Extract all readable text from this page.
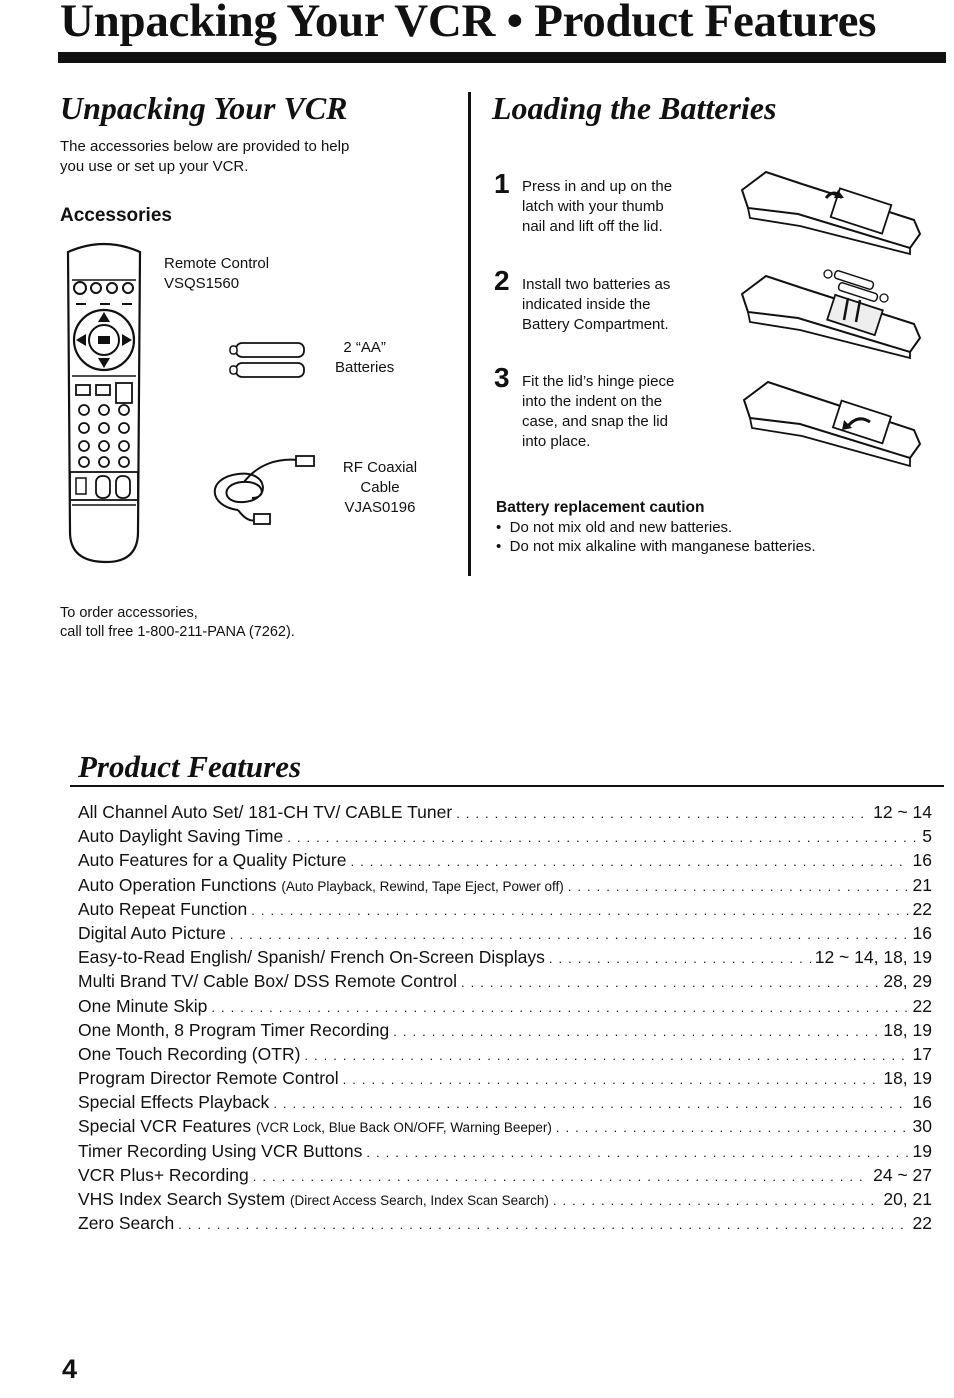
Unpacking Your VCR • Product Features
Unpacking Your VCR
The accessories below are provided to help
you use or set up your VCR.
Accessories
Remote Control
VSQS1560
2 “AA”
Batteries
RF Coaxial
Cable
VJAS0196
To order accessories,
call toll free 1-800-211-PANA (7262).
Loading the Batteries
1 Press in and up on the
latch with your thumb
nail and lift off the lid.
2 Install two batteries as
indicated inside the
Battery Compartment.
3 Fit the lid’s hinge piece
into the indent on the
case, and snap the lid
into place.
Battery replacement caution
• Do not mix old and new batteries.
• Do not mix alkaline with manganese batteries.
Product Features
All Channel Auto Set/ 181-CH TV/ CABLE Tuner . . .	12 ~ 14
Auto Daylight Saving Time . . .	5
Auto Features for a Quality Picture . . .	16
Auto Operation Functions (Auto Playback, Rewind, Tape Eject, Power off) . . .	21
Auto Repeat Function . . .	22
Digital Auto Picture . . .	16
Easy-to-Read English/ Spanish/ French On-Screen Displays . . .	12 ~ 14, 18, 19
Multi Brand TV/ Cable Box/ DSS Remote Control . . .	28, 29
One Minute Skip . . .	22
One Month, 8 Program Timer Recording . . .	18, 19
One Touch Recording (OTR) . . .	17
Program Director Remote Control . . .	18, 19
Special Effects Playback . . .	16
Special VCR Features (VCR Lock, Blue Back ON/OFF, Warning Beeper) . . .	30
Timer Recording Using VCR Buttons . . .	19
VCR Plus+ Recording . . .	24 ~ 27
VHS Index Search System (Direct Access Search, Index Scan Search) . . .	20, 21
Zero Search . . .	22
4
